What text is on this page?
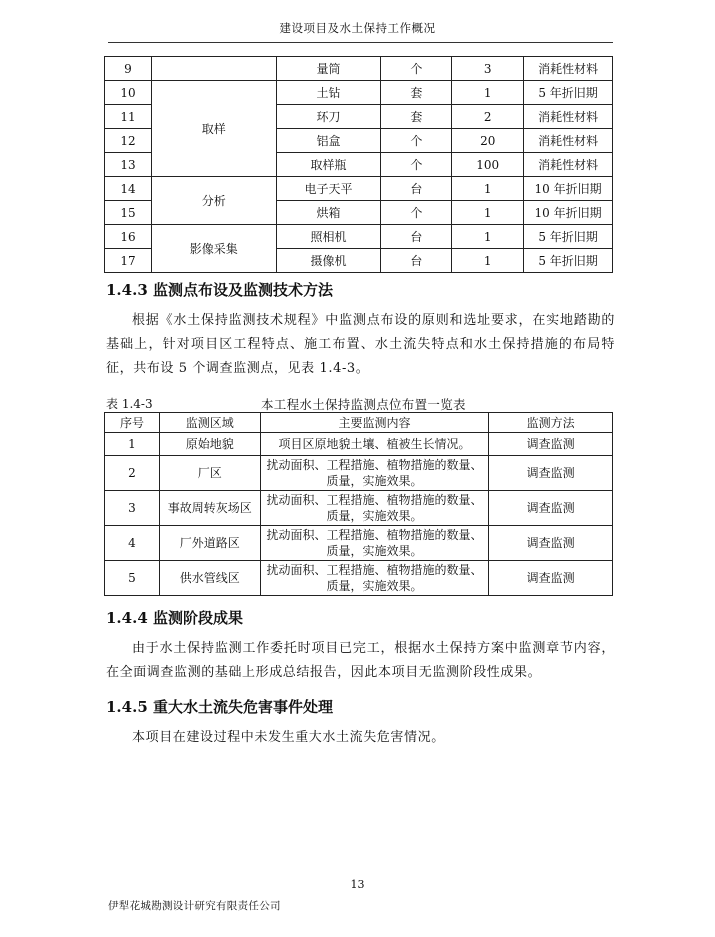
建设项目及水土保持工作概况
9		量筒	个	3	消耗性材料
10	取样	土钻	套	1	5 年折旧期
11		环刀	套	2	消耗性材料
12		铝盒	个	20	消耗性材料
13		取样瓶	个	100	消耗性材料
14	分析	电子天平	台	1	10 年折旧期
15		烘箱	个	1	10 年折旧期
16	影像采集	照相机	台	1	5 年折旧期
17		摄像机	台	1	5 年折旧期
1.4.3 监测点布设及监测技术方法

根据《水土保持监测技术规程》中监测点布设的原则和选址要求，在实地踏勘的基础上，针对项目区工程特点、施工布置、水土流失特点和水土保持措施的布局特征，共布设 5 个调查监测点，见表 1.4-3。

表 1.4-3	本工程水土保持监测点位布置一览表
序号	监测区域	主要监测内容	监测方法
1	原始地貌	项目区原地貌土壤、植被生长情况。	调查监测
2	厂区	扰动面积、工程措施、植物措施的数量、
质量，实施效果。	调查监测
3	事故周转灰场区	扰动面积、工程措施、植物措施的数量、
质量，实施效果。	调查监测
4	厂外道路区	扰动面积、工程措施、植物措施的数量、
质量，实施效果。	调查监测
5	供水管线区	扰动面积、工程措施、植物措施的数量、
质量，实施效果。	调查监测
1.4.4 监测阶段成果

由于水土保持监测工作委托时项目已完工，根据水土保持方案中监测章节内容，在全面调查监测的基础上形成总结报告，因此本项目无监测阶段性成果。

1.4.5 重大水土流失危害事件处理

本项目在建设过程中未发生重大水土流失危害情况。

13
伊犁花城勘测设计研究有限责任公司
